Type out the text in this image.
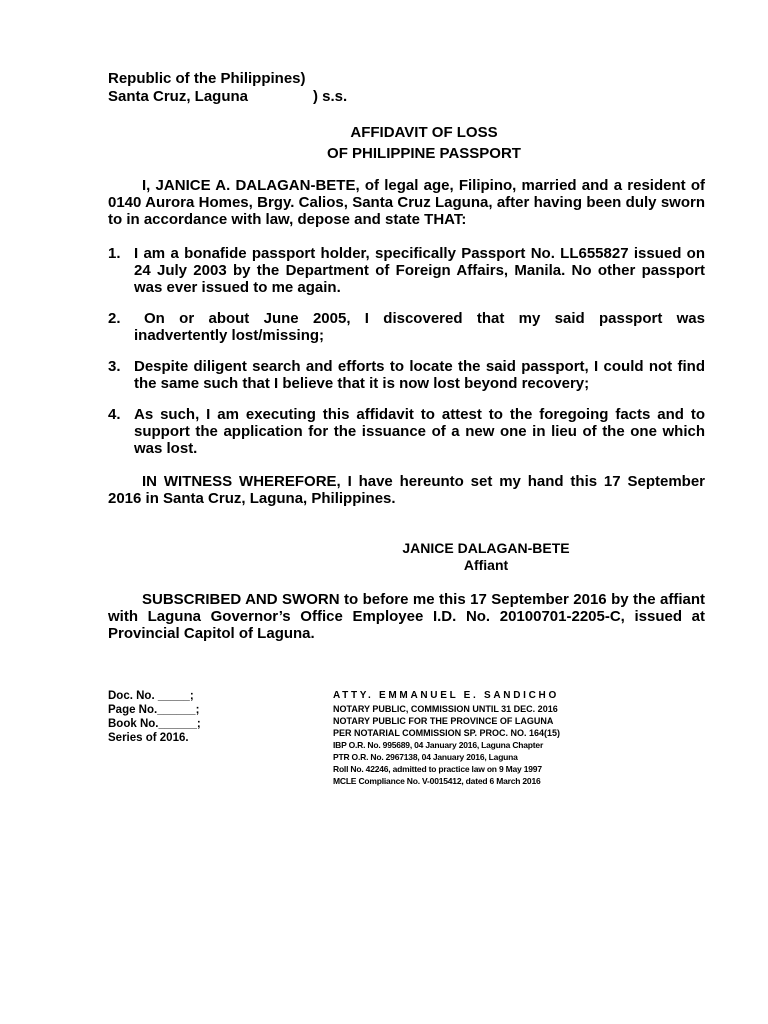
Republic of the Philippines)
Santa Cruz, Laguna	) s.s.
AFFIDAVIT OF LOSS
OF PHILIPPINE PASSPORT
I, JANICE A. DALAGAN-BETE, of legal age, Filipino, married and a resident of 0140 Aurora Homes, Brgy. Calios, Santa Cruz Laguna, after having been duly sworn to in accordance with law, depose and state THAT:
1. I am a bonafide passport holder, specifically Passport No. LL655827 issued on 24 July 2003 by the Department of Foreign Affairs, Manila. No other passport was ever issued to me again.
2.	On or about June 2005, I discovered that my said passport was
inadvertently lost/missing;
3. Despite diligent search and efforts to locate the said passport, I could not find the same such that I believe that it is now lost beyond recovery;
4. As such, I am executing this affidavit to attest to the foregoing facts and to support the application for the issuance of a new one in lieu of the one which was lost.
IN WITNESS WHEREFORE, I have hereunto set my hand this 17 September 2016 in Santa Cruz, Laguna, Philippines.
JANICE DALAGAN-BETE
Affiant
SUBSCRIBED AND SWORN to before me this 17 September 2016 by the affiant with Laguna Governor’s Office Employee I.D. No. 20100701-2205-C, issued at Provincial Capitol of Laguna.
Doc. No. _____;
Page No.______;
Book No.______;
Series of 2016.
ATTY. EMMANUEL E. SANDICHO
NOTARY PUBLIC, COMMISSION UNTIL 31 DEC. 2016
NOTARY PUBLIC FOR THE PROVINCE OF LAGUNA
PER NOTARIAL COMMISSION SP. PROC. NO. 164(15)
IBP O.R. No. 995689, 04 January 2016, Laguna Chapter
PTR O.R. No. 2967138, 04 January 2016, Laguna
Roll No. 42246, admitted to practice law on 9 May 1997
MCLE Compliance No. V-0015412, dated 6 March 2016
